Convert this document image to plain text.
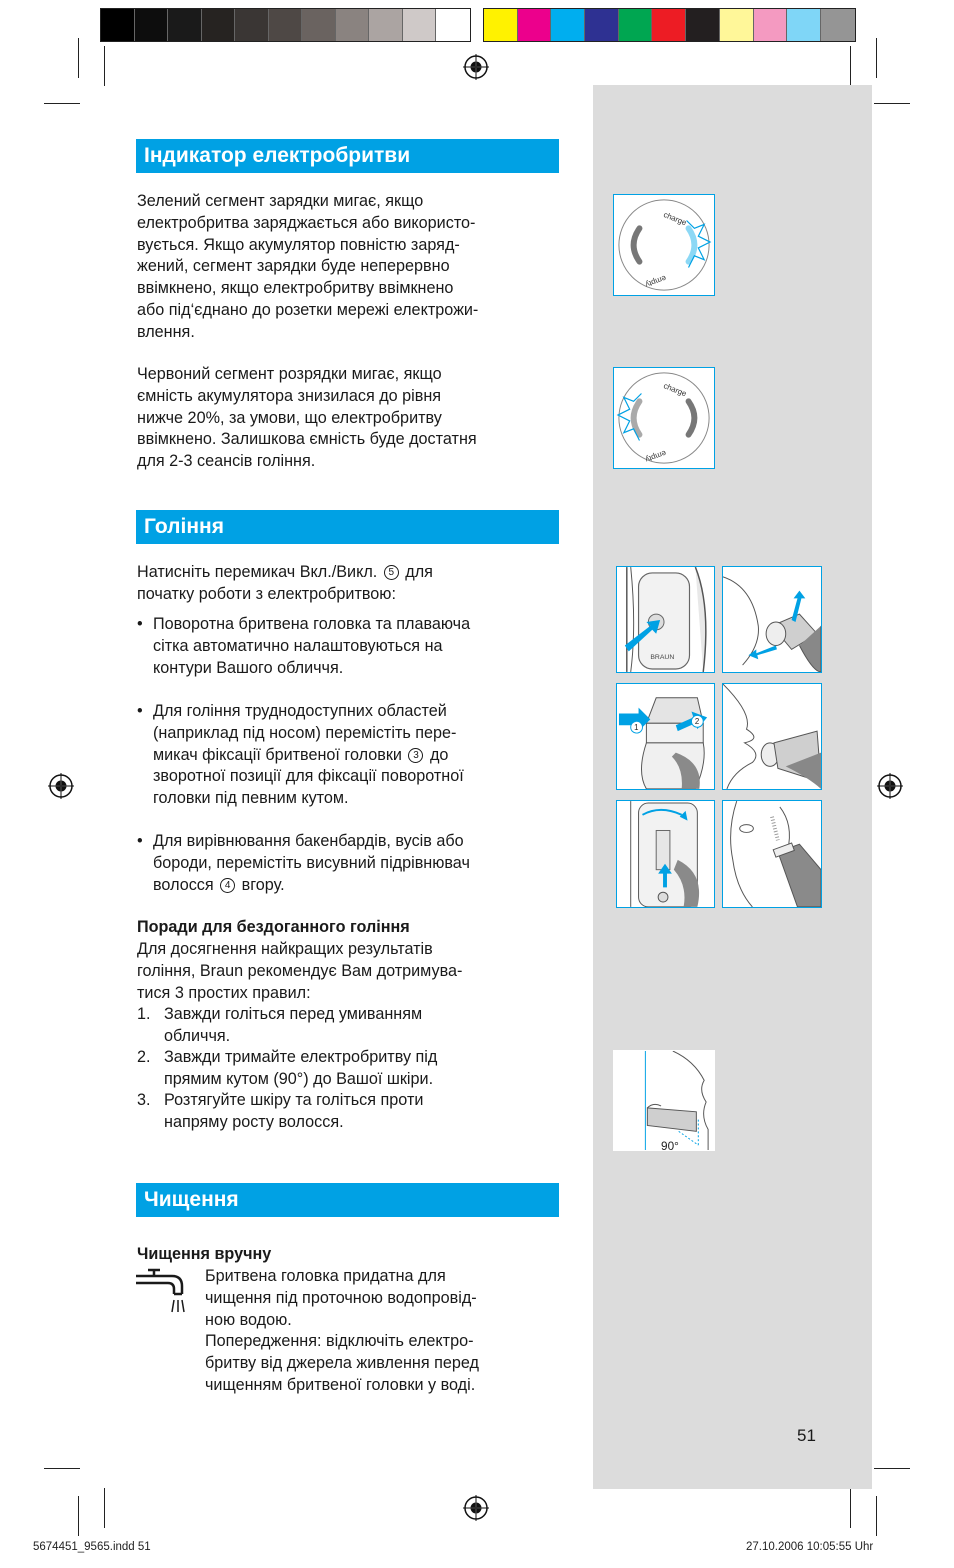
Індикатор електробритви
Зелений сегмент зарядки мигає, якщо
електробритва заряджається або використо-
вується. Якщо акумулятор повністю заряд-
жений, сегмент зарядки буде неперервно
ввімкнено, якщо електробритву ввімкнено
або під‘єднано до розетки мережі електрожи-
влення.
Червоний сегмент розрядки мигає, якщо
ємність акумулятора знизилася до рівня
нижче 20%, за умови, що електробритву
ввімкнено. Залишкова ємність буде достатня
для 2-3 сеансів гоління.
Гоління
Натисніть перемикач Вкл./Викл. 5 для
початку роботи з електробритвою:
• Поворотна бритвена головка та плаваюча
сітка автоматично налаштовуються на
контури Вашого обличчя.
• Для гоління труднодоступних областей
(наприклад під носом) перемістіть пере-
микач фіксації бритвеної головки 3 до
зворотної позиції для фіксації поворотної
головки під певним кутом.
• Для вирівнювання бакенбардів, вусів або
бороди, перемістіть висувний підрівнювач
волосся 4 вгору.
Поради для бездоганного гоління
Для досягнення найкращих результатів
гоління, Braun рекомендує Вам дотримува-
тися 3 простих правил:
1. Завжди голіться перед умиванням
обличчя.
2. Завжди тримайте електробритву під
прямим кутом (90°) до Вашої шкіри.
3. Розтягуйте шкіру та голіться проти
напряму росту волосся.
Чищення
Чищення вручну
Бритвена головка придатна для
чищення під проточною водопровід-
ною водою.
Попередження: відключіть електро-
бритву від джерела живлення перед
чищенням бритвеної головки у воді.
charge
empty
charge
empty
BRAUN
1
2
90°
51
5674451_9565.indd 51	27.10.2006 10:05:55 Uhr
